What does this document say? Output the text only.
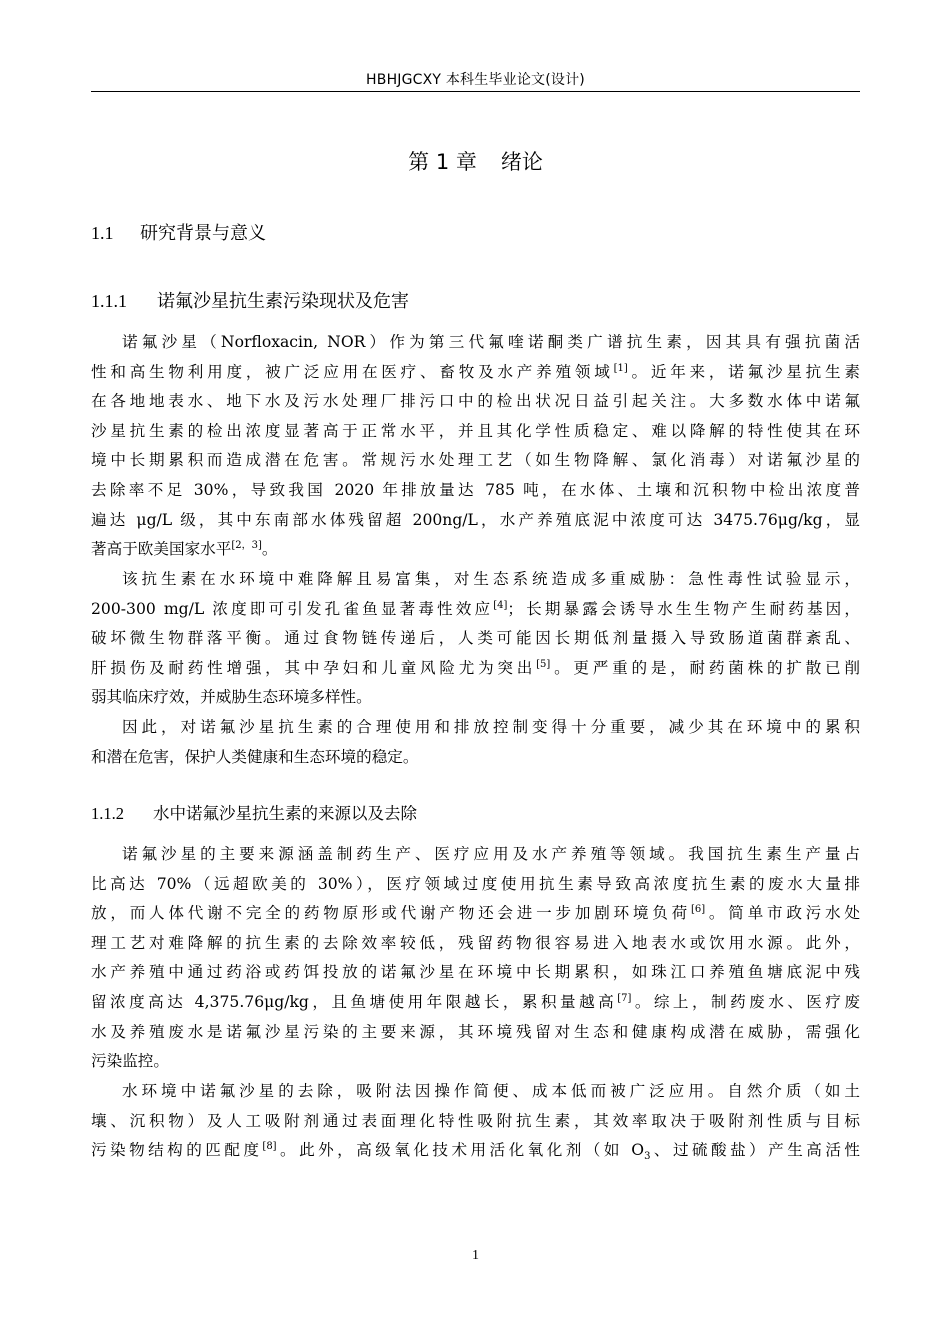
HBHJGCXY 本科生毕业论文(设计)
第 1 章 绪论
1.1 研究背景与意义
1.1.1 诺氟沙星抗生素污染现状及危害
诺氟沙星（Norfloxacin, NOR）作为第三代氟喹诺酮类广谱抗生素，因其具有强抗菌活
性和高生物利用度，被广泛应用在医疗、畜牧及水产养殖领域[1]。近年来，诺氟沙星抗生素
在各地地表水、地下水及污水处理厂排污口中的检出状况日益引起关注。大多数水体中诺氟
沙星抗生素的检出浓度显著高于正常水平，并且其化学性质稳定、难以降解的特性使其在环
境中长期累积而造成潜在危害。常规污水处理工艺（如生物降解、氯化消毒）对诺氟沙星的
去除率不足 30%，导致我国 2020 年排放量达 785 吨，在水体、土壤和沉积物中检出浓度普
遍达 μg/L 级，其中东南部水体残留超 200ng/L，水产养殖底泥中浓度可达 3475.76μg/kg，显
著高于欧美国家水平[2，3]。
该抗生素在水环境中难降解且易富集，对生态系统造成多重威胁：急性毒性试验显示，
200-300 mg/L 浓度即可引发孔雀鱼显著毒性效应[4]；长期暴露会诱导水生生物产生耐药基因，
破坏微生物群落平衡。通过食物链传递后，人类可能因长期低剂量摄入导致肠道菌群紊乱、
肝损伤及耐药性增强，其中孕妇和儿童风险尤为突出[5]。更严重的是，耐药菌株的扩散已削
弱其临床疗效，并威胁生态环境多样性。
因此，对诺氟沙星抗生素的合理使用和排放控制变得十分重要，减少其在环境中的累积
和潜在危害，保护人类健康和生态环境的稳定。
1.1.2 水中诺氟沙星抗生素的来源以及去除
诺氟沙星的主要来源涵盖制药生产、医疗应用及水产养殖等领域。我国抗生素生产量占
比高达 70%（远超欧美的 30%），医疗领域过度使用抗生素导致高浓度抗生素的废水大量排
放，而人体代谢不完全的药物原形或代谢产物还会进一步加剧环境负荷[6]。简单市政污水处
理工艺对难降解的抗生素的去除效率较低，残留药物很容易进入地表水或饮用水源。此外，
水产养殖中通过药浴或药饵投放的诺氟沙星在环境中长期累积，如珠江口养殖鱼塘底泥中残
留浓度高达 4,375.76μg/kg，且鱼塘使用年限越长，累积量越高[7]。综上，制药废水、医疗废
水及养殖废水是诺氟沙星污染的主要来源，其环境残留对生态和健康构成潜在威胁，需强化
污染监控。
水环境中诺氟沙星的去除，吸附法因操作简便、成本低而被广泛应用。自然介质（如土
壤、沉积物）及人工吸附剂通过表面理化特性吸附抗生素，其效率取决于吸附剂性质与目标
污染物结构的匹配度[8]。此外，高级氧化技术用活化氧化剂（如 $O_3$、过硫酸盐）产生高活性
1
